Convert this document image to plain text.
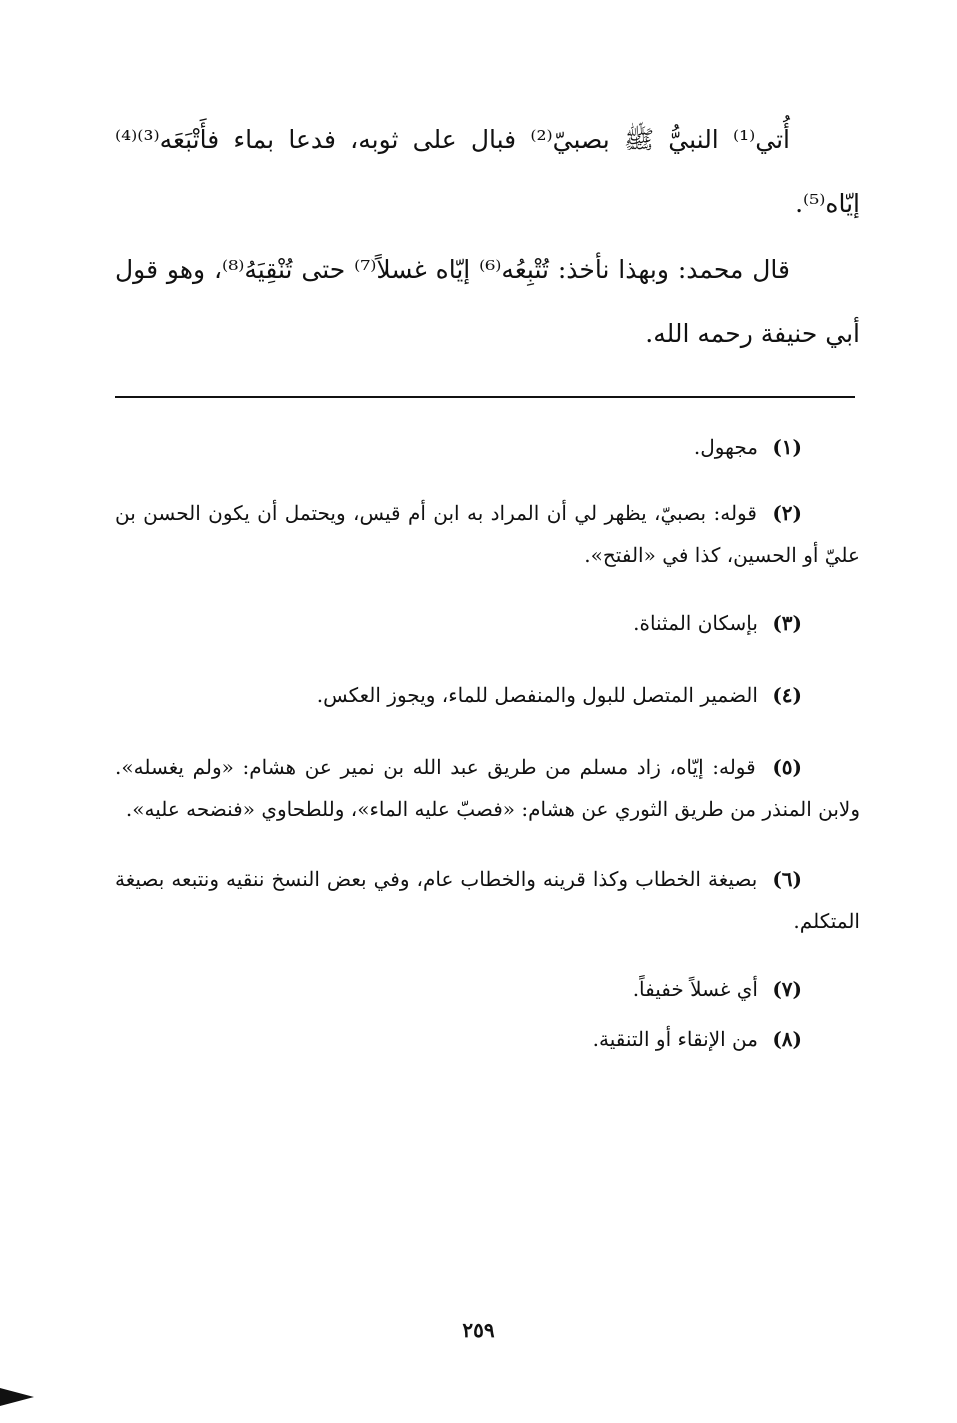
أُتي⁽¹⁾ النبيُّ ﷺ بصبيّ⁽²⁾ فبال على ثوبه، فدعا بماء فأَتْبَعَه⁽³⁾⁽⁴⁾ إيّاه⁽⁵⁾.

قال محمد: وبهذا نأخذ: تُتْبِعُه⁽⁶⁾ إيّاه غسلاً⁽⁷⁾ حتى تُنْقِيَهُ⁽⁸⁾، وهو قول أبي حنيفة رحمه الله.

(١) مجهول.
(٢) قوله: بصبيّ، يظهر لي أن المراد به ابن أم قيس، ويحتمل أن يكون الحسن بن عليّ أو الحسين، كذا في «الفتح».
(٣) بإسكان المثناة.
(٤) الضمير المتصل للبول والمنفصل للماء، ويجوز العكس.
(٥) قوله: إيّاه، زاد مسلم من طريق عبد الله بن نمير عن هشام: «ولم يغسله». ولابن المنذر من طريق الثوري عن هشام: «فصبّ عليه الماء»، وللطحاوي «فنضحه عليه».
(٦) بصيغة الخطاب وكذا قرينه والخطاب عام، وفي بعض النسخ ننقيه ونتبعه بصيغة المتكلم.
(٧) أي غسلاً خفيفاً.
(٨) من الإنقاء أو التنقية.
٢٥٩
